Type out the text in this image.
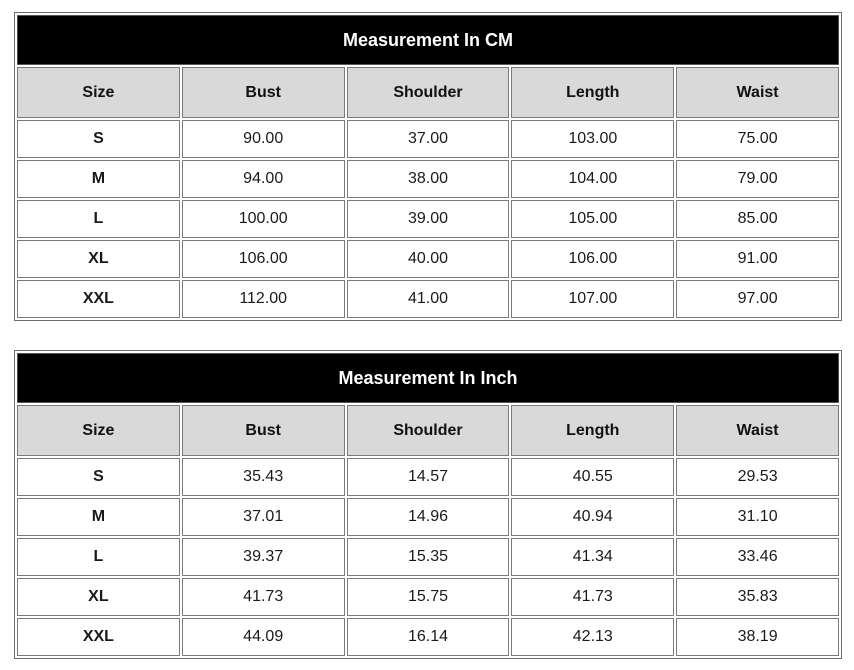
Measurement In CM				
Size	Bust	Shoulder	Length	Waist
S	90.00	37.00	103.00	75.00
M	94.00	38.00	104.00	79.00
L	100.00	39.00	105.00	85.00
XL	106.00	40.00	106.00	91.00
XXL	112.00	41.00	107.00	97.00
Measurement In Inch				
Size	Bust	Shoulder	Length	Waist
S	35.43	14.57	40.55	29.53
M	37.01	14.96	40.94	31.10
L	39.37	15.35	41.34	33.46
XL	41.73	15.75	41.73	35.83
XXL	44.09	16.14	42.13	38.19
